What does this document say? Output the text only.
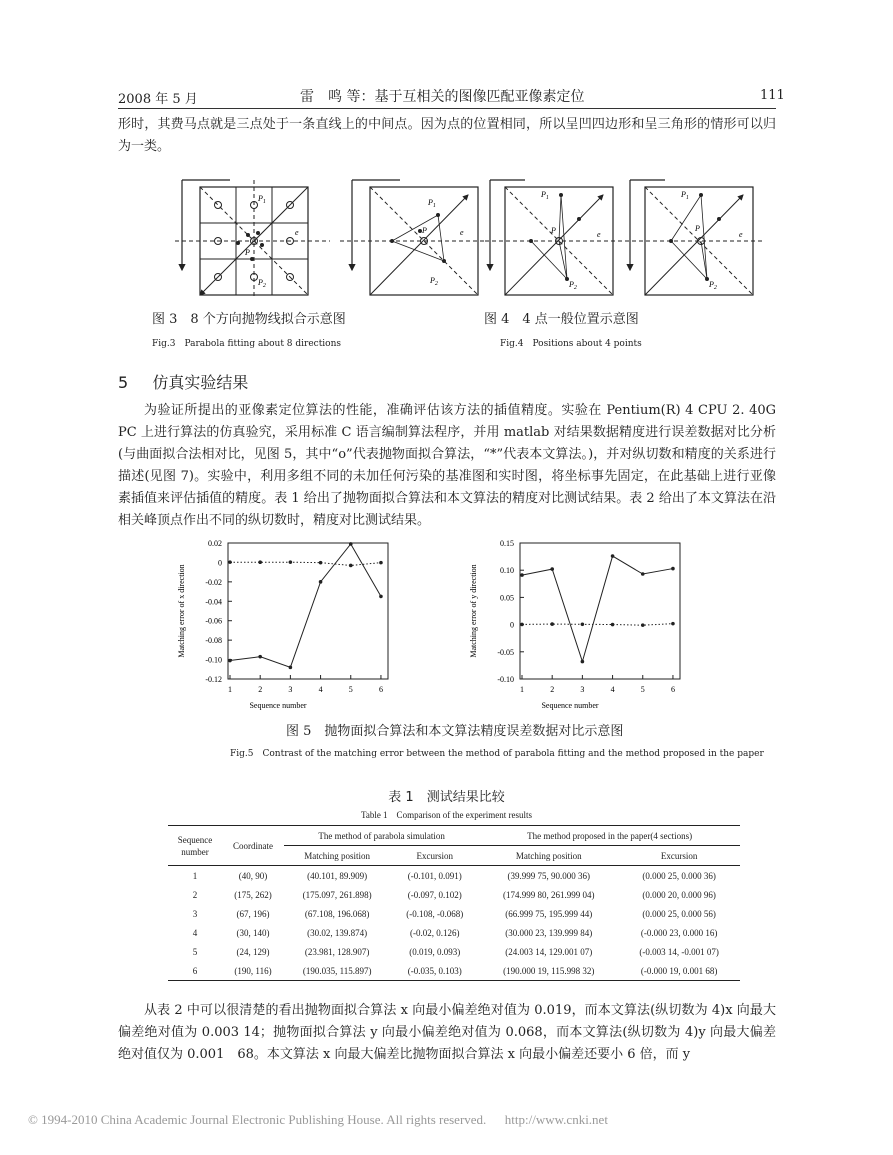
2008 年 5 月	雷　鸣 等：基于互相关的图像匹配亚像素定位	111
形时，其费马点就是三点处于一条直线上的中间点。因为点的位置相同，所以呈凹四边形和呈三角形的情形可以归为一类。
$P_1$
P
$P_2$
e
图 3　8 个方向抛物线拟合示意图
Fig.3　Parabola fitting about 8 directions
$P_1$
P
$P_2$
e
$P_1$
P
$P_2$
e
$P_1$
P
$P_2$
e
图 4　4 点一般位置示意图
Fig.4　Positions about 4 points
5 仿真实验结果
为验证所提出的亚像素定位算法的性能，准确评估该方法的插值精度。实验在 Pentium(R) 4 CPU 2. 40G PC 上进行算法的仿真验究，采用标准 C 语言编制算法程序，并用 matlab 对结果数据精度进行误差数据对比分析(与曲面拟合法相对比，见图 5，其中“o”代表抛物面拟合算法，“*”代表本文算法。)，并对纵切数和精度的关系进行描述(见图 7)。实验中，利用多组不同的未加任何污染的基准图和实时图，将坐标事先固定，在此基础上进行亚像素插值来评估插值的精度。表 1 给出了抛物面拟合算法和本文算法的精度对比测试结果。表 2 给出了本文算法在沿相关峰顶点作出不同的纵切数时，精度对比测试结果。
0.02
0
-0.02
-0.04
-0.06
-0.08
-0.10
-0.12
1	2	3	4	5	6
Sequence number
Matching error of x direction
0.15
0.10
0.05
0
-0.05
-0.10
1	2	3	4	5	6
Sequence number
Matching error of y direction
图 5　抛物面拟合算法和本文算法精度误差数据对比示意图
Fig.5　Contrast of the matching error between the method of parabola fitting and the method proposed in the paper
表 1　测试结果比较
Table 1　Comparison of the experiment results
Sequence number	Coordinate	The method of parabola simulation		The method proposed in the paper(4 sections)	
		Matching position	Excursion	Matching position	Excursion
1	(40, 90)	(40.101, 89.909)	(-0.101, 0.091)	(39.999 75, 90.000 36)	(0.000 25, 0.000 36)
2	(175, 262)	(175.097, 261.898)	(-0.097, 0.102)	(174.999 80, 261.999 04)	(0.000 20, 0.000 96)
3	(67, 196)	(67.108, 196.068)	(-0.108, -0.068)	(66.999 75, 195.999 44)	(0.000 25, 0.000 56)
4	(30, 140)	(30.02, 139.874)	(-0.02, 0.126)	(30.000 23, 139.999 84)	(-0.000 23, 0.000 16)
5	(24, 129)	(23.981, 128.907)	(0.019, 0.093)	(24.003 14, 129.001 07)	(-0.003 14, -0.001 07)
6	(190, 116)	(190.035, 115.897)	(-0.035, 0.103)	(190.000 19, 115.998 32)	(-0.000 19, 0.001 68)
从表 2 中可以很清楚的看出抛物面拟合算法 x 向最小偏差绝对值为 0.019，而本文算法(纵切数为 4)x 向最大偏差绝对值为 0.003 14；抛物面拟合算法 y 向最小偏差绝对值为 0.068，而本文算法(纵切数为 4)y 向最大偏差绝对值仅为 0.001　68。本文算法 x 向最大偏差比抛物面拟合算法 x 向最小偏差还要小 6 倍，而 y
© 1994-2010 China Academic Journal Electronic Publishing House. All rights reserved. http://www.cnki.net
